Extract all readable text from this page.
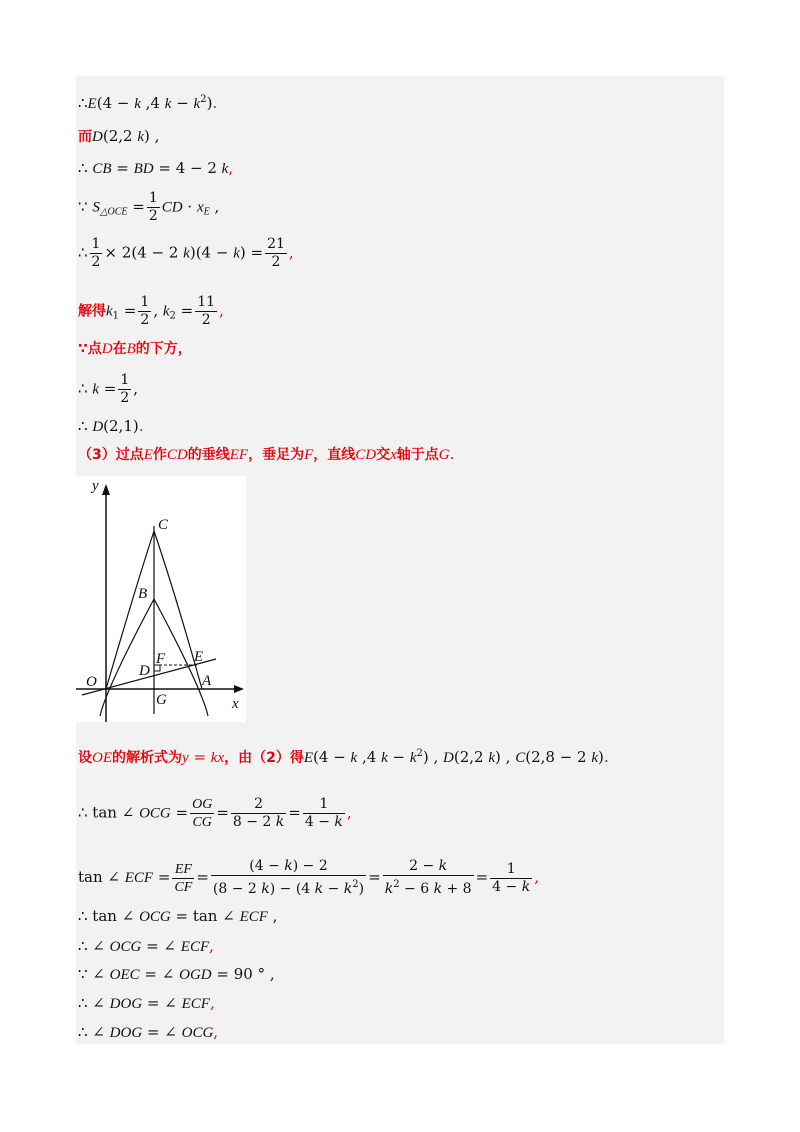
∴E(4 − k ,4 $k - k^2$).
而D(2,2 k) ,
∴ CB = BD = 4 − 2 k,
∵ $S_{\triangle OCE} = \frac{1}{2}$ CD · $x_E$ ,
∴ $\frac{1}{2} \times 2(4 - 2$ $k)(4 - k) = \frac{21}{2}$ ,
解得$k_1 = \frac{1}{2}$ , $k_2 = \frac{11}{2}$ ,
∵点D在B的下方，
∴ $k = \frac{1}{2}$ ,
∴ D(2,1).
（3）过点E作CD的垂线EF，垂足为F，直线CD交x轴于点G.
y
x
C
B
F
D
E
O
G
A
设OE的解析式为y = kx，由（2）得E(4 − k ,4 $k - k^2$) , D(2,2 k) , C(2,8 − 2 k).
∴ tan ∠ OCG = $\frac{OG}{CG} = \frac{2}{8 - 2 k} = \frac{1}{4 - k}$ ,
tan ∠ ECF = $\frac{EF}{CF} = \frac{(4 - k) - 2}{(8 - 2 k) - (4 k - k^2)} = \frac{2 - k}{k^2 - 6 k + 8} = \frac{1}{4 - k}$ ,
∴ tan ∠ OCG = tan ∠ ECF ,
∴ ∠ OCG = ∠ ECF,
∵ ∠ OEC = ∠ OGD = 90 ° ,
∴ ∠ DOG = ∠ ECF,
∴ ∠ DOG = ∠ OCG,
